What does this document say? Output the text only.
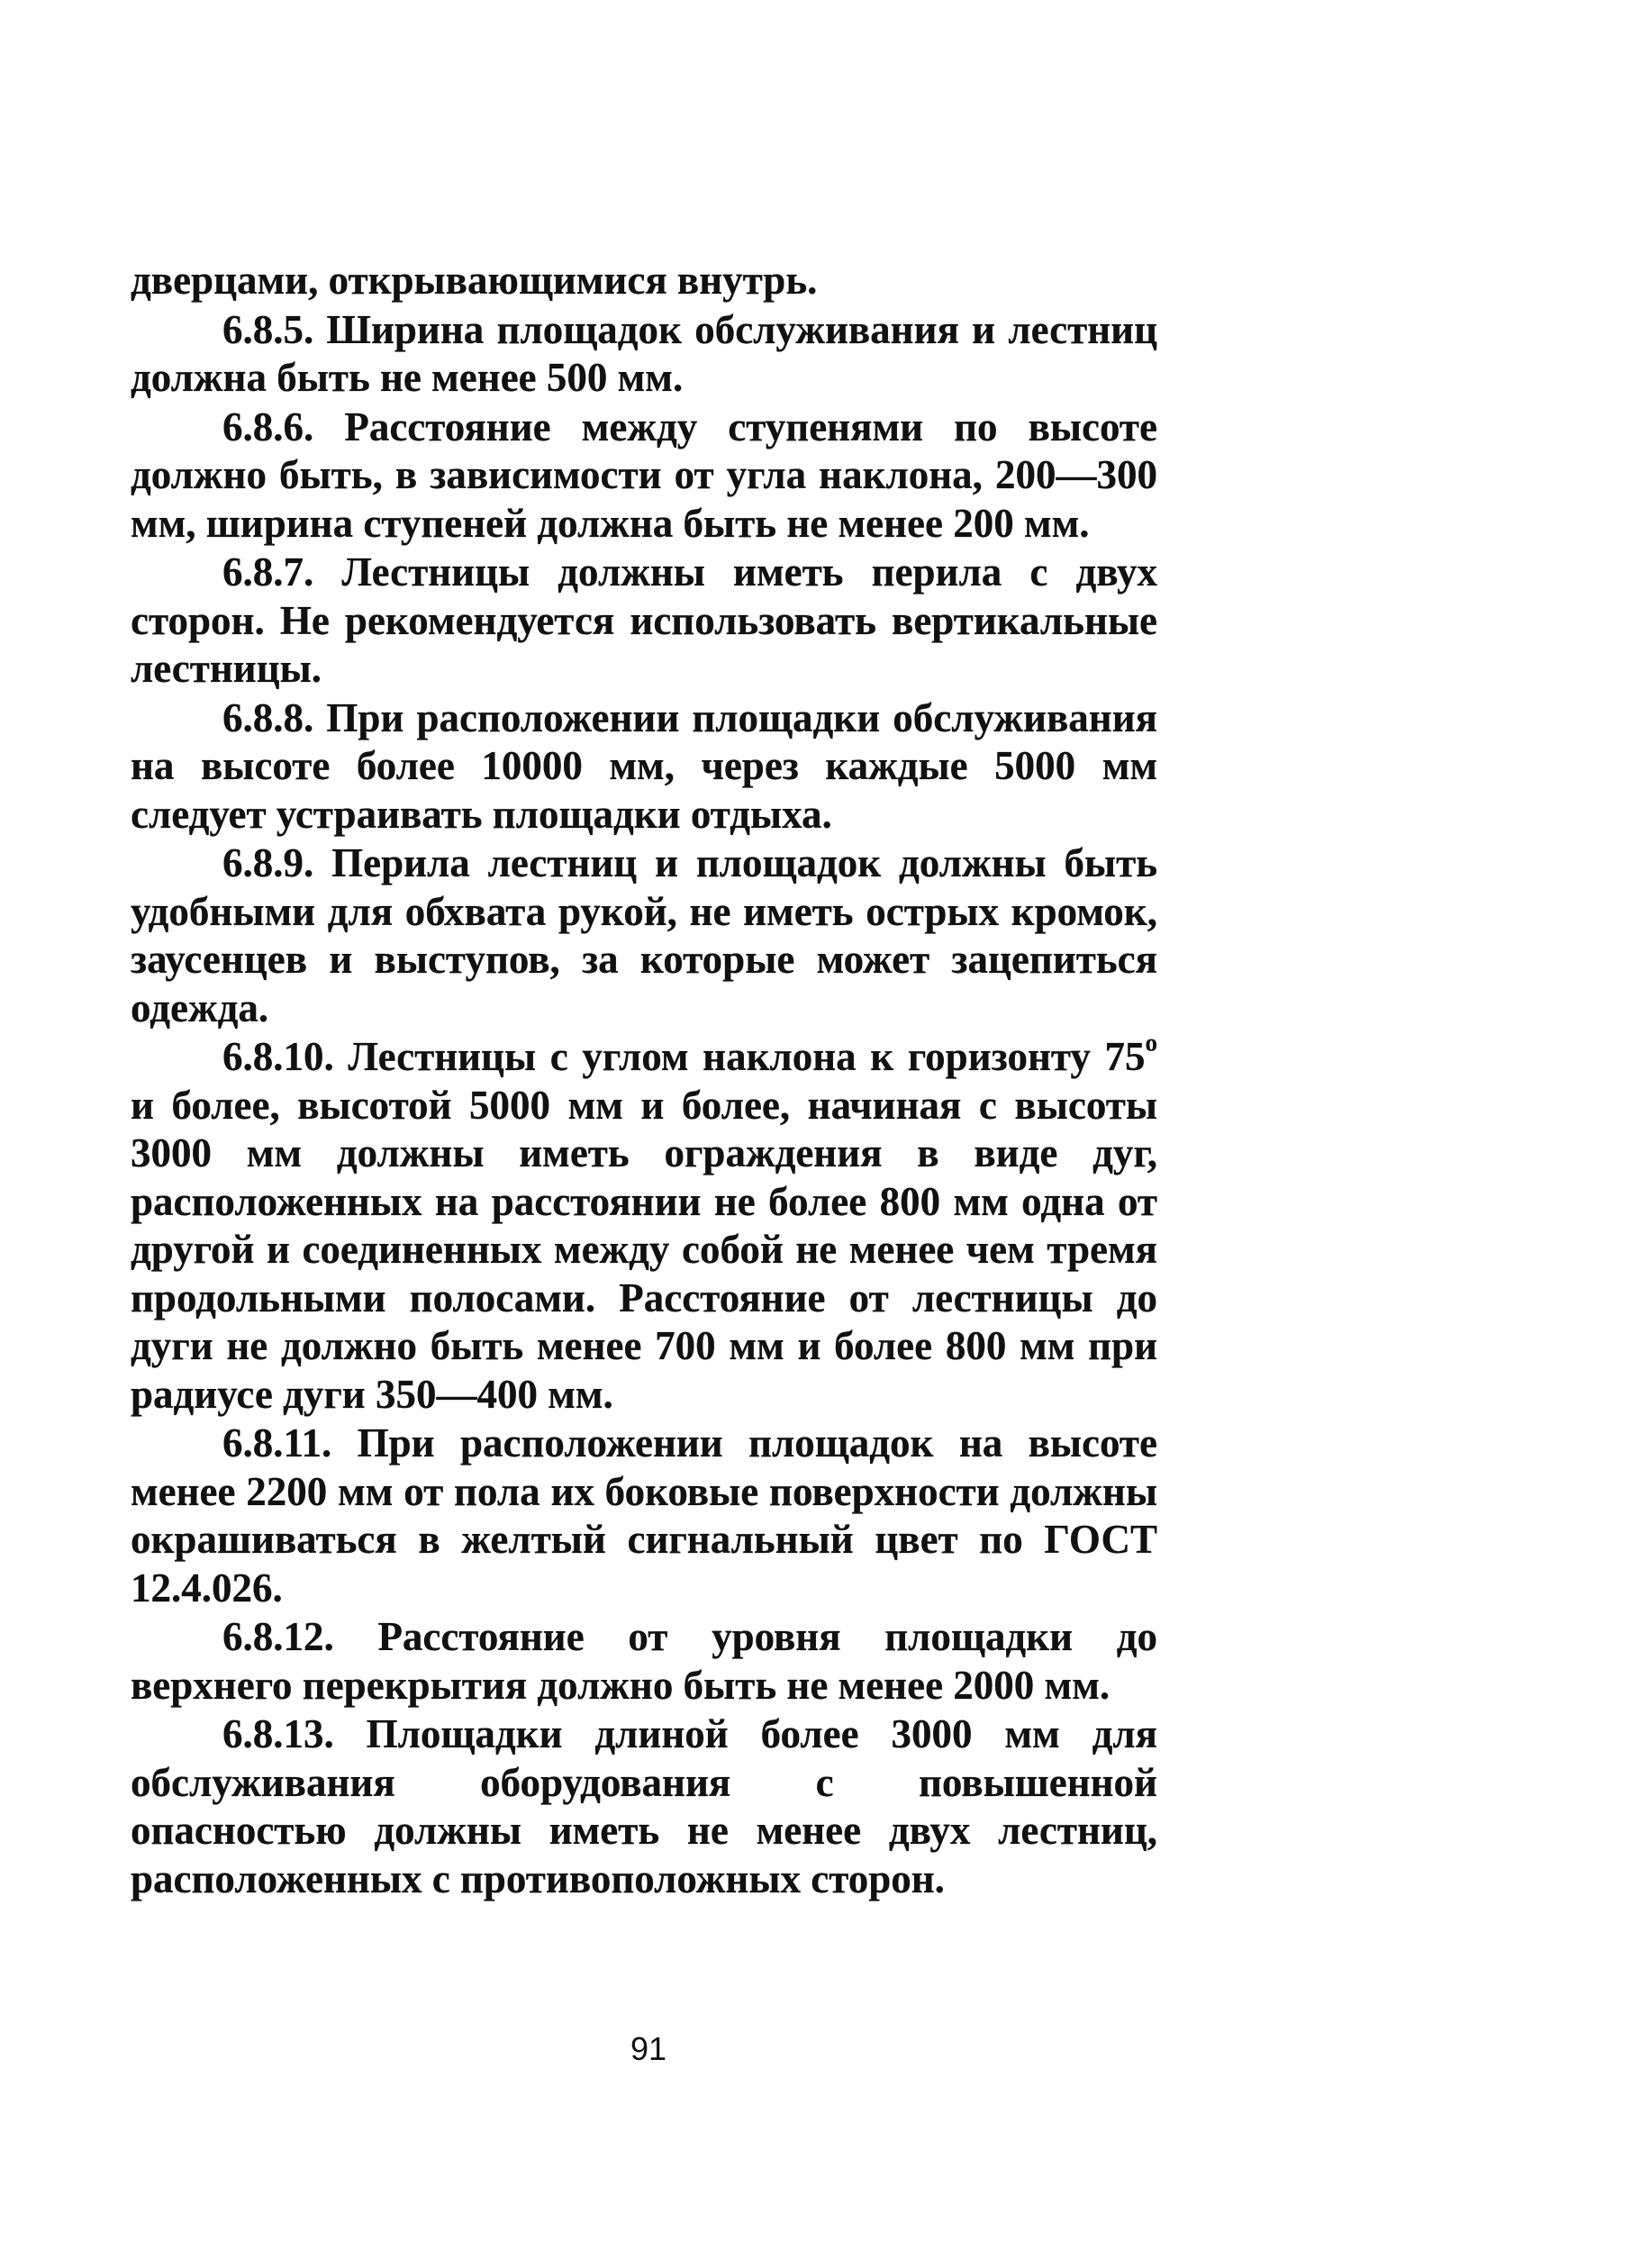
дверцами, открывающимися внутрь.

6.8.5. Ширина площадок обслуживания и лестниц должна быть не менее 500 мм.

6.8.6. Расстояние между ступенями по высоте должно быть, в зависимости от угла наклона, 200—300 мм, ширина ступеней должна быть не менее 200 мм.

6.8.7. Лестницы должны иметь перила с двух сторон. Не рекомендуется использовать вертикальные лестницы.

6.8.8. При расположении площадки обслуживания на высоте более 10000 мм, через каждые 5000 мм следует устраивать площадки отдыха.

6.8.9. Перила лестниц и площадок должны быть удобными для обхвата рукой, не иметь острых кромок, заусенцев и выступов, за которые может зацепиться одежда.

6.8.10. Лестницы с углом наклона к горизонту $75^о$ и более, высотой 5000 мм и более, начиная с высоты 3000 мм должны иметь ограждения в виде дуг, расположенных на расстоянии не более 800 мм одна от другой и соединенных между собой не менее чем тремя продольными полосами. Расстояние от лестницы до дуги не должно быть менее 700 мм и более 800 мм при радиусе дуги 350—400 мм.

6.8.11. При расположении площадок на высоте менее 2200 мм от пола их боковые поверхности должны окрашиваться в желтый сигнальный цвет по ГОСТ 12.4.026.

6.8.12. Расстояние от уровня площадки до верхнего перекрытия должно быть не менее 2000 мм.

6.8.13. Площадки длиной более 3000 мм для обслуживания оборудования с повышенной опасностью должны иметь не менее двух лестниц, расположенных с противоположных сторон.

91
